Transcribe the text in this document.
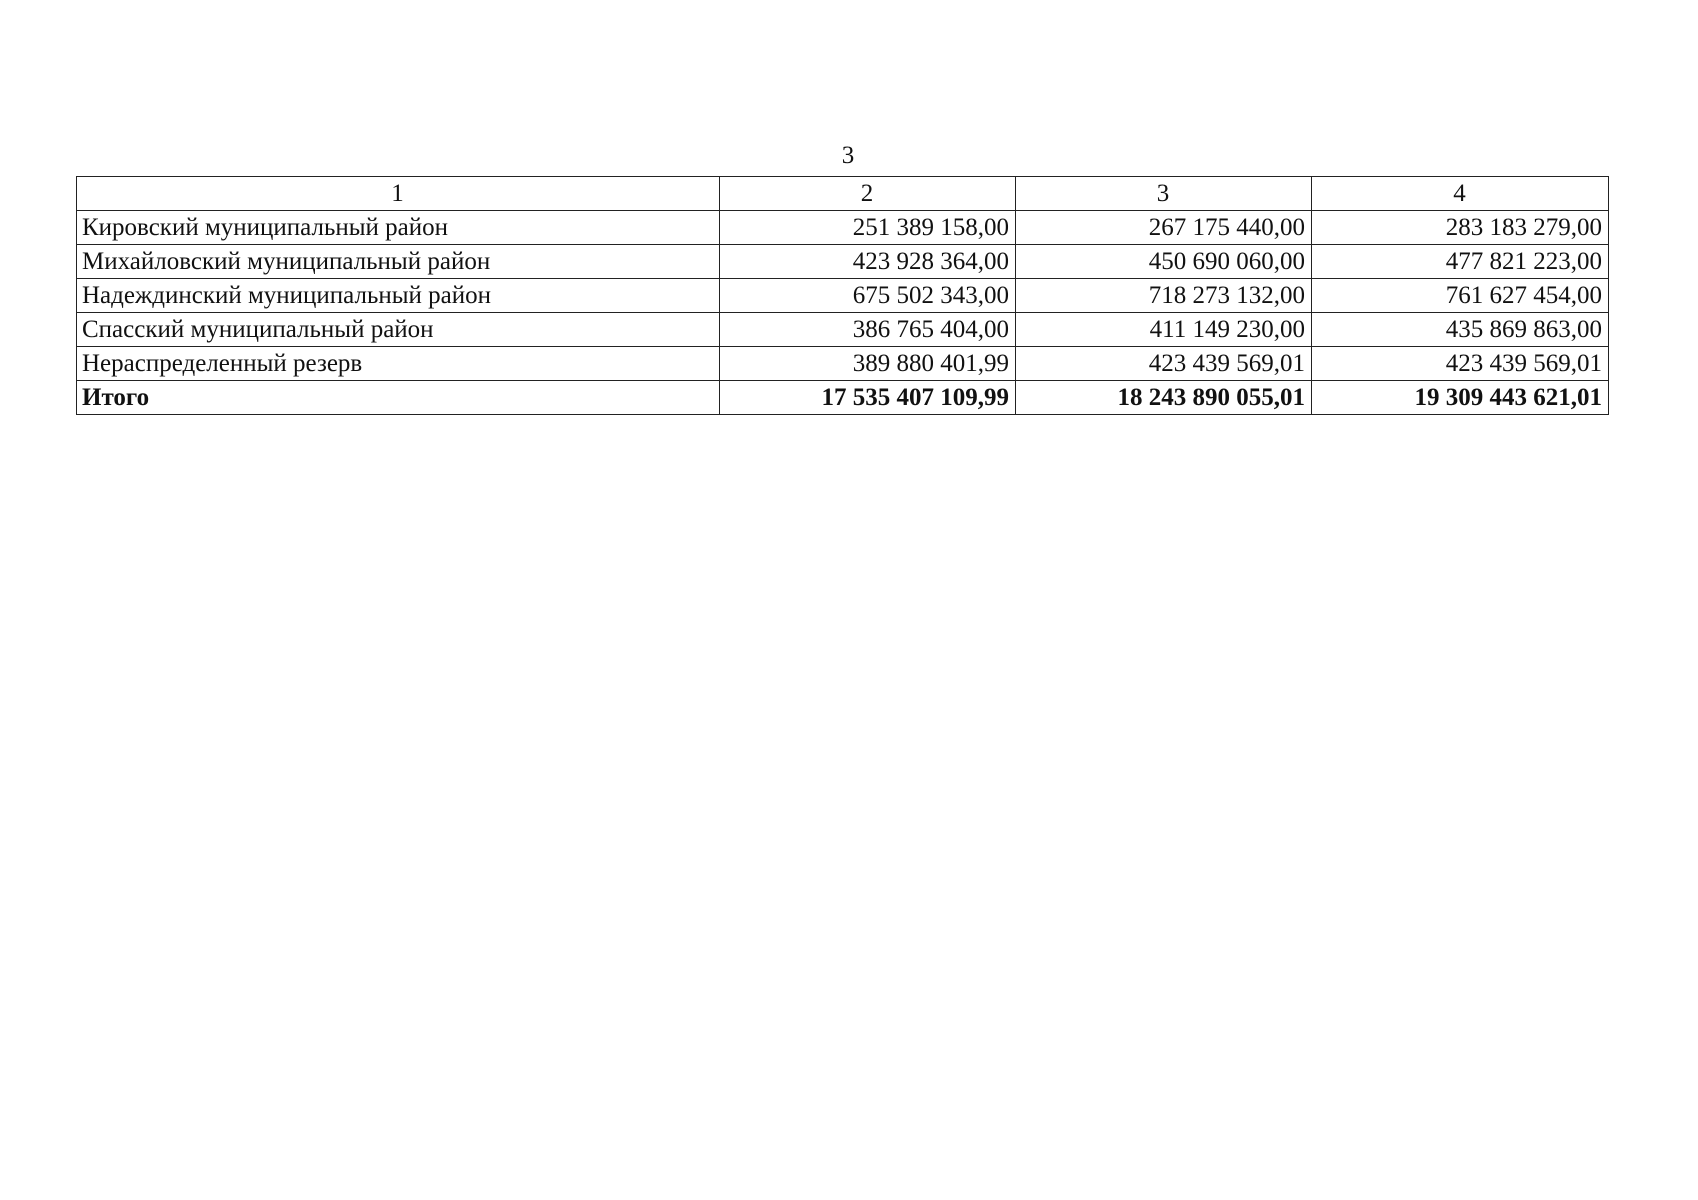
3
1	2	3	4
Кировский муниципальный район	251 389 158,00	267 175 440,00	283 183 279,00
Михайловский муниципальный район	423 928 364,00	450 690 060,00	477 821 223,00
Надеждинский муниципальный район	675 502 343,00	718 273 132,00	761 627 454,00
Спасский муниципальный район	386 765 404,00	411 149 230,00	435 869 863,00
Нераспределенный резерв	389 880 401,99	423 439 569,01	423 439 569,01
Итого	17 535 407 109,99	18 243 890 055,01	19 309 443 621,01
